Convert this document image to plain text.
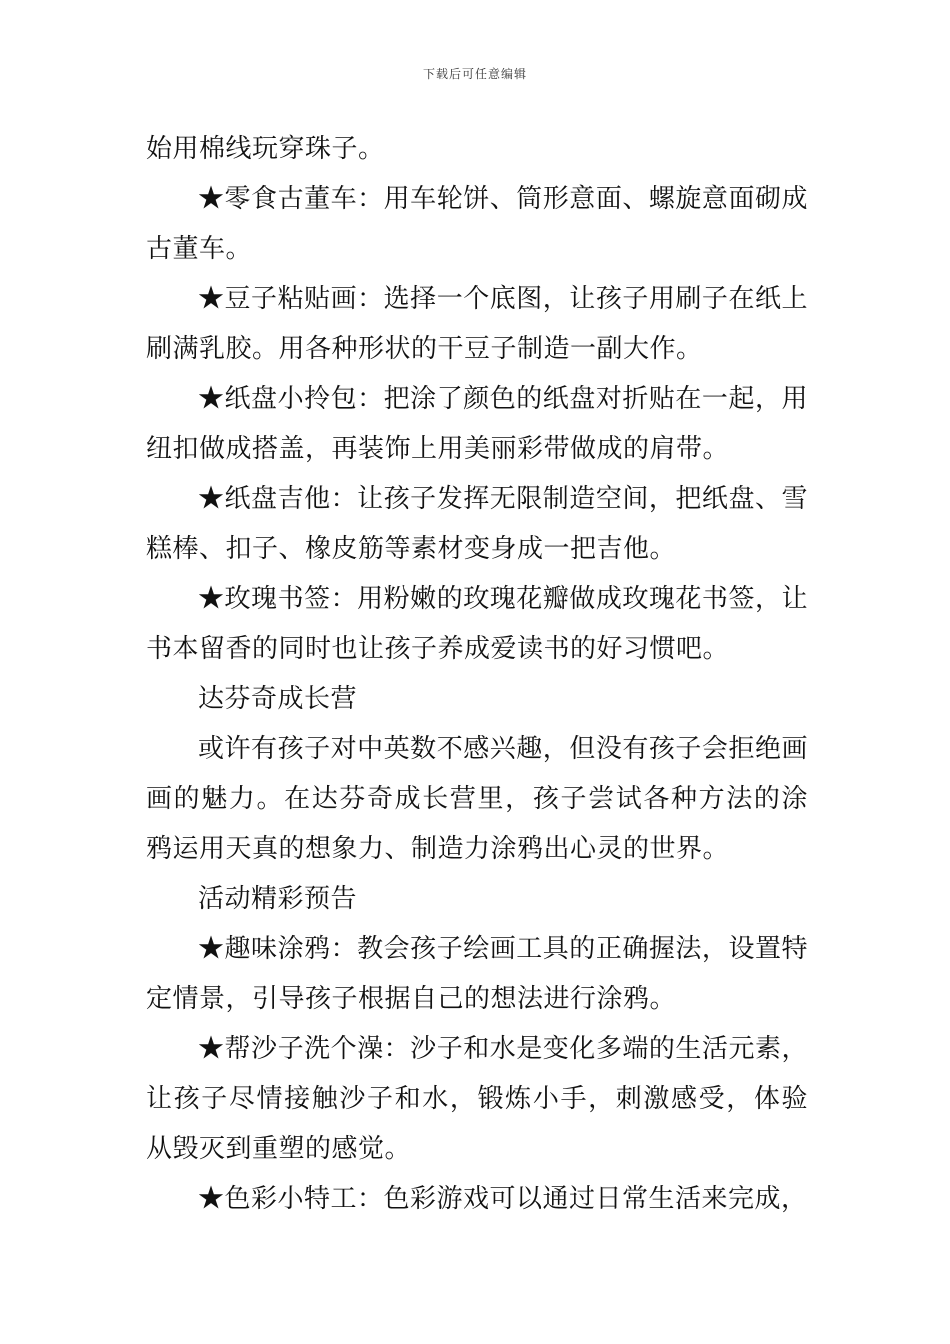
下载后可任意编辑

始用棉线玩穿珠子。

★零食古董车：用车轮饼、筒形意面、螺旋意面砌成古董车。

★豆子粘贴画：选择一个底图，让孩子用刷子在纸上刷满乳胶。用各种形状的干豆子制造一副大作。

★纸盘小拎包：把涂了颜色的纸盘对折贴在一起，用纽扣做成搭盖，再装饰上用美丽彩带做成的肩带。

★纸盘吉他：让孩子发挥无限制造空间，把纸盘、雪糕棒、扣子、橡皮筋等素材变身成一把吉他。

★玫瑰书签：用粉嫩的玫瑰花瓣做成玫瑰花书签，让书本留香的同时也让孩子养成爱读书的好习惯吧。

达芬奇成长营

或许有孩子对中英数不感兴趣，但没有孩子会拒绝画画的魅力。在达芬奇成长营里，孩子尝试各种方法的涂鸦运用天真的想象力、制造力涂鸦出心灵的世界。

活动精彩预告

★趣味涂鸦：教会孩子绘画工具的正确握法，设置特定情景，引导孩子根据自己的想法进行涂鸦。

★帮沙子洗个澡：沙子和水是变化多端的生活元素，让孩子尽情接触沙子和水，锻炼小手，刺激感受，体验从毁灭到重塑的感觉。

★色彩小特工：色彩游戏可以通过日常生活来完成，
